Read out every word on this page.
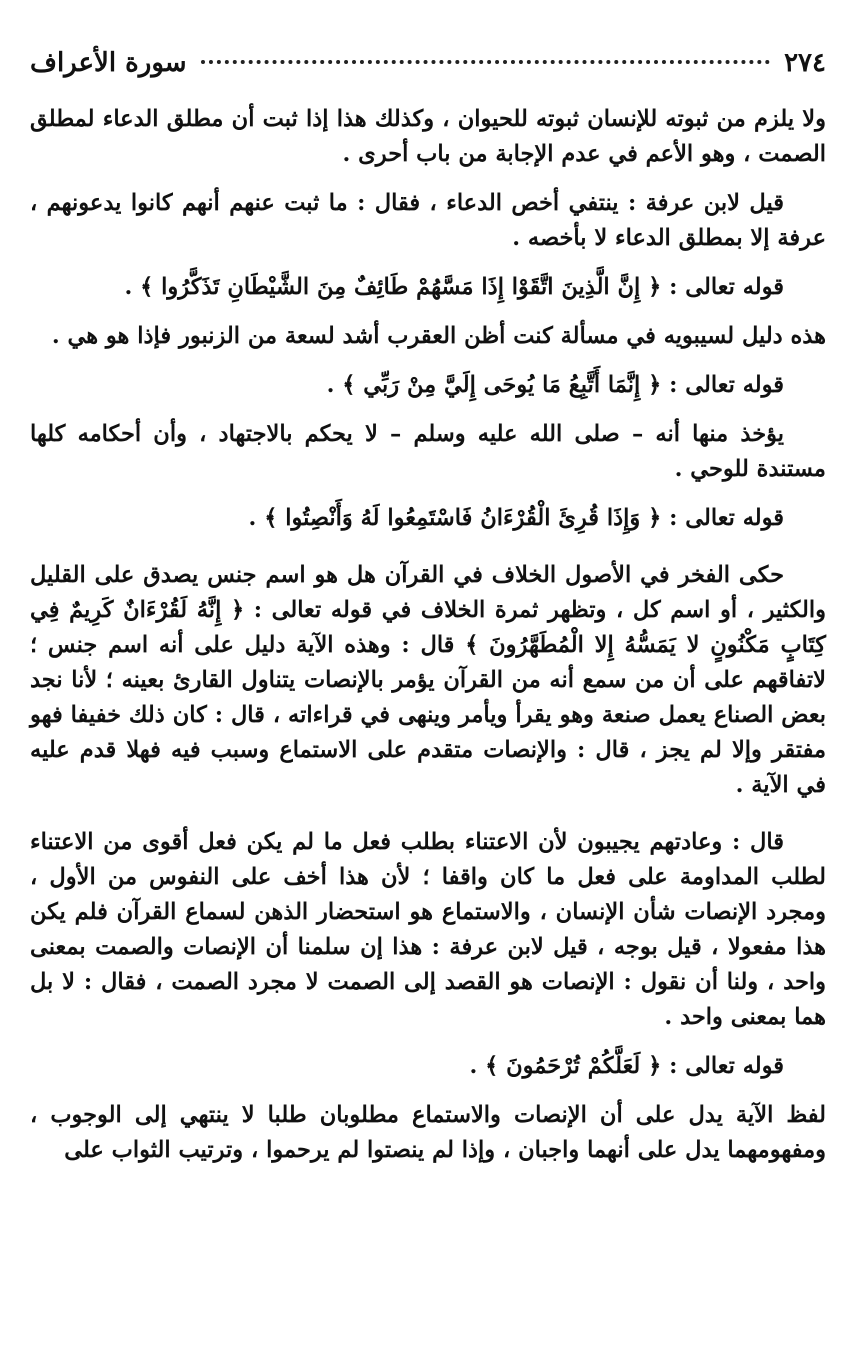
٢٧٤
سورة الأعراف

ولا يلزم من ثبوته للإنسان ثبوته للحيوان ، وكذلك هذا إذا ثبت أن مطلق الدعاء لمطلق الصمت ، وهو الأعم في عدم الإجابة من باب أحرى .

قيل لابن عرفة : ينتفي أخص الدعاء ، فقال : ما ثبت عنهم أنهم كانوا يدعونهم ، عرفة إلا بمطلق الدعاء لا بأخصه .

قوله تعالى : ﴿ إِنَّ الَّذِينَ اتَّقَوْا إِذَا مَسَّهُمْ طَائِفٌ مِنَ الشَّيْطَانِ تَذَكَّرُوا ﴾ .

هذه دليل لسيبويه في مسألة كنت أظن العقرب أشد لسعة من الزنبور فإذا هو هي .

قوله تعالى : ﴿ إِنَّمَا أَتَّبِعُ مَا يُوحَى إِلَيَّ مِنْ رَبِّي ﴾ .

يؤخذ منها أنه – صلى الله عليه وسلم – لا يحكم بالاجتهاد ، وأن أحكامه كلها مستندة للوحي .

قوله تعالى : ﴿ وَإِذَا قُرِئَ الْقُرْءَانُ فَاسْتَمِعُوا لَهُ وَأَنْصِتُوا ﴾ .

حكى الفخر في الأصول الخلاف في القرآن هل هو اسم جنس يصدق على القليل والكثير ، أو اسم كل ، وتظهر ثمرة الخلاف في قوله تعالى : ﴿ إِنَّهُ لَقُرْءَانٌ كَرِيمٌ فِي كِتَابٍ مَكْنُونٍ لا يَمَسُّهُ إِلا الْمُطَهَّرُونَ ﴾ قال : وهذه الآية دليل على أنه اسم جنس ؛ لاتفاقهم على أن من سمع أنه من القرآن يؤمر بالإنصات يتناول القارئ بعينه ؛ لأنا نجد بعض الصناع يعمل صنعة وهو يقرأ ويأمر وينهى في قراءاته ، قال : كان ذلك خفيفا فهو مفتقر وإلا لم يجز ، قال : والإنصات متقدم على الاستماع وسبب فيه فهلا قدم عليه في الآية .

قال : وعادتهم يجيبون لأن الاعتناء بطلب فعل ما لم يكن فعل أقوى من الاعتناء لطلب المداومة على فعل ما كان واقفا ؛ لأن هذا أخف على النفوس من الأول ، ومجرد الإنصات شأن الإنسان ، والاستماع هو استحضار الذهن لسماع القرآن فلم يكن هذا مفعولا ، قيل بوجه ، قيل لابن عرفة : هذا إن سلمنا أن الإنصات والصمت بمعنى واحد ، ولنا أن نقول : الإنصات هو القصد إلى الصمت لا مجرد الصمت ، فقال : لا بل هما بمعنى واحد .

قوله تعالى : ﴿ لَعَلَّكُمْ تُرْحَمُونَ ﴾ .

لفظ الآية يدل على أن الإنصات والاستماع مطلوبان طلبا لا ينتهي إلى الوجوب ، ومفهومهما يدل على أنهما واجبان ، وإذا لم ينصتوا لم يرحموا ، وترتيب الثواب على
